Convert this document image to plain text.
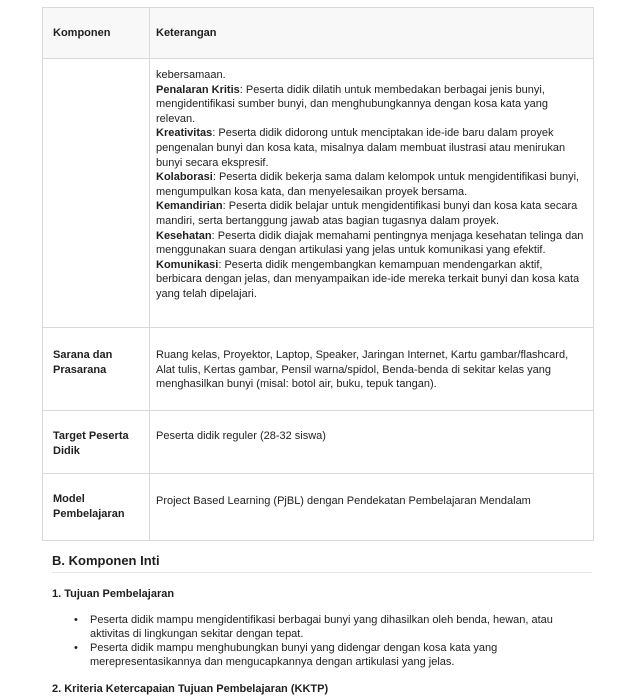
Komponen	Keterangan
kebersamaan.
Penalaran Kritis: Peserta didik dilatih untuk membedakan berbagai jenis bunyi, mengidentifikasi sumber bunyi, dan menghubungkannya dengan kosa kata yang relevan.
Kreativitas: Peserta didik didorong untuk menciptakan ide-ide baru dalam proyek pengenalan bunyi dan kosa kata, misalnya dalam membuat ilustrasi atau menirukan bunyi secara ekspresif.
Kolaborasi: Peserta didik bekerja sama dalam kelompok untuk mengidentifikasi bunyi, mengumpulkan kosa kata, dan menyelesaikan proyek bersama.
Kemandirian: Peserta didik belajar untuk mengidentifikasi bunyi dan kosa kata secara mandiri, serta bertanggung jawab atas bagian tugasnya dalam proyek.
Kesehatan: Peserta didik diajak memahami pentingnya menjaga kesehatan telinga dan menggunakan suara dengan artikulasi yang jelas untuk komunikasi yang efektif.
Komunikasi: Peserta didik mengembangkan kemampuan mendengarkan aktif, berbicara dengan jelas, dan menyampaikan ide-ide mereka terkait bunyi dan kosa kata yang telah dipelajari.
Sarana dan Prasarana
Ruang kelas, Proyektor, Laptop, Speaker, Jaringan Internet, Kartu gambar/flashcard, Alat tulis, Kertas gambar, Pensil warna/spidol, Benda-benda di sekitar kelas yang menghasilkan bunyi (misal: botol air, buku, tepuk tangan).
Target Peserta Didik
Peserta didik reguler (28-32 siswa)
Model Pembelajaran
Project Based Learning (PjBL) dengan Pendekatan Pembelajaran Mendalam
B. Komponen Inti
1. Tujuan Pembelajaran
• Peserta didik mampu mengidentifikasi berbagai bunyi yang dihasilkan oleh benda, hewan, atau aktivitas di lingkungan sekitar dengan tepat.
• Peserta didik mampu menghubungkan bunyi yang didengar dengan kosa kata yang merepresentasikannya dan mengucapkannya dengan artikulasi yang jelas.
2. Kriteria Ketercapaian Tujuan Pembelajaran (KKTP)
